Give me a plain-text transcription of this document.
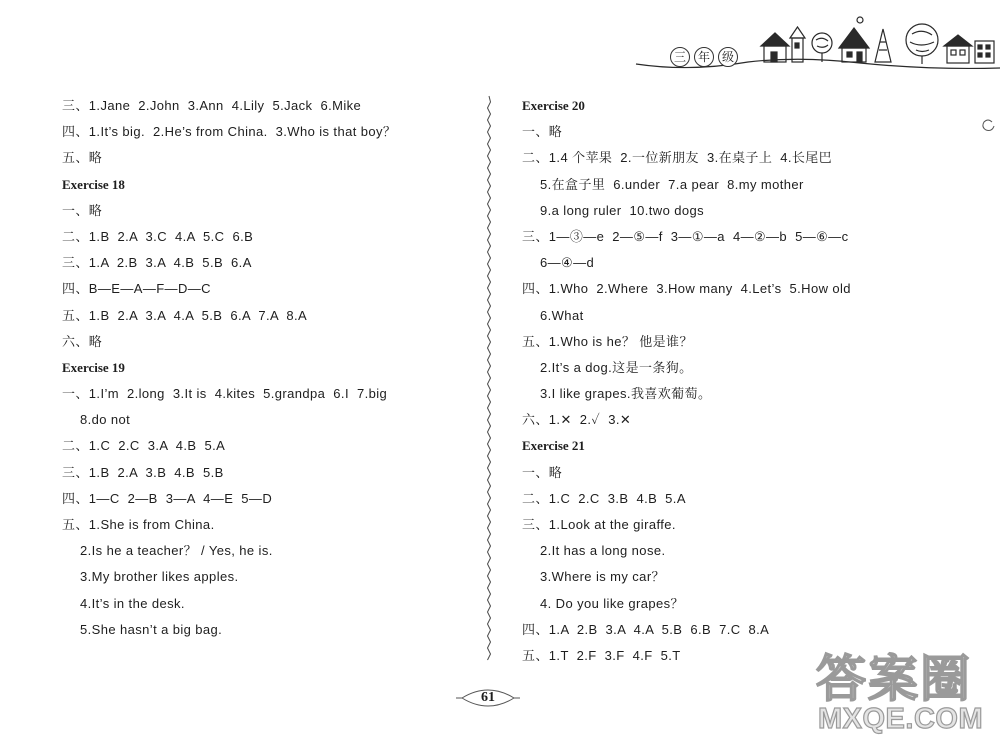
三 年 级
三、1.Jane  2.John  3.Ann  4.Lily  5.Jack  6.Mike
四、1.It’s big.  2.He’s from China.  3.Who is that boy？
五、略
Exercise 18
一、略
二、1.B  2.A  3.C  4.A  5.C  6.B
三、1.A  2.B  3.A  4.B  5.B  6.A
四、B—E—A—F—D—C
五、1.B  2.A  3.A  4.A  5.B  6.A  7.A  8.A
六、略
Exercise 19
一、1.I’m  2.long  3.It is  4.kites  5.grandpa  6.I  7.big
8.do not
二、1.C  2.C  3.A  4.B  5.A
三、1.B  2.A  3.B  4.B  5.B
四、1—C  2—B  3—A  4—E  5—D
五、1.She is from China.
2.Is he a teacher？ / Yes, he is.
3.My brother likes apples.
4.It’s in the desk.
5.She hasn’t a big bag.
Exercise 20
一、略
二、1.4 个苹果  2.一位新朋友  3.在桌子上  4.长尾巴
5.在盒子里  6.under  7.a pear  8.my mother
9.a long ruler  10.two dogs
三、1—③—e  2—⑤—f  3—①—a  4—②—b  5—⑥—c
6—④—d
四、1.Who  2.Where  3.How many  4.Let’s  5.How old
6.What
五、1.Who is he？ 他是谁？
2.It’s a dog.这是一条狗。
3.I like grapes.我喜欢葡萄。
六、1.✕  2.✓  3.✕
Exercise 21
一、略
二、1.C  2.C  3.B  4.B  5.A
三、1.Look at the giraffe.
2.It has a long nose.
3.Where is my car？
4. Do you like grapes？
四、1.A  2.B  3.A  4.A  5.B  6.B  7.C  8.A
五、1.T  2.F  3.F  4.F  5.T
61	答案圈
MXQE.COM
